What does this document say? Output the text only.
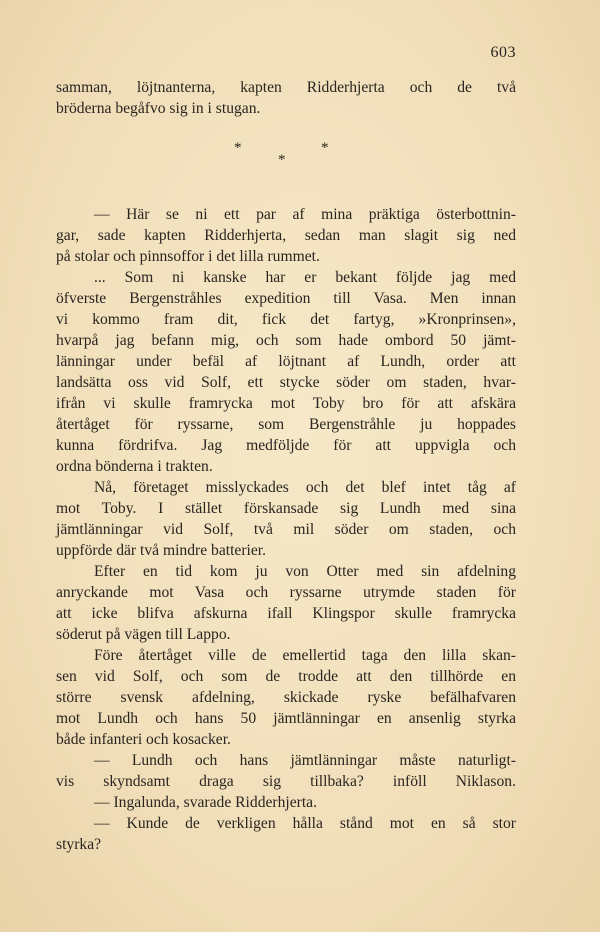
603
samman, löjtnanterna, kapten Ridderhjerta och de två
bröderna begåfvo sig in i stugan.
*	*
*
— Här se ni ett par af mina präktiga österbottnin-
gar, sade kapten Ridderhjerta, sedan man slagit sig ned
på stolar och pinnsoffor i det lilla rummet.
... Som ni kanske har er bekant följde jag med
öfverste Bergenstråhles expedition till Vasa. Men innan
vi kommo fram dit, fick det fartyg, »Kronprinsen»,
hvarpå jag befann mig, och som hade ombord 50 jämt-
länningar under befäl af löjtnant af Lundh, order att
landsätta oss vid Solf, ett stycke söder om staden, hvar-
ifrån vi skulle framrycka mot Toby bro för att afskära
återtåget för ryssarne, som Bergenstråhle ju hoppades
kunna fördrifva. Jag medföljde för att uppvigla och
ordna bönderna i trakten.
Nå, företaget misslyckades och det blef intet tåg af
mot Toby. I stället förskansade sig Lundh med sina
jämtlänningar vid Solf, två mil söder om staden, och
uppförde där två mindre batterier.
Efter en tid kom ju von Otter med sin afdelning
anryckande mot Vasa och ryssarne utrymde staden för
att icke blifva afskurna ifall Klingspor skulle framrycka
söderut på vägen till Lappo.
Före återtåget ville de emellertid taga den lilla skan-
sen vid Solf, och som de trodde att den tillhörde en
större svensk afdelning, skickade ryske befälhafvaren
mot Lundh och hans 50 jämtlänningar en ansenlig styrka
både infanteri och kosacker.
— Lundh och hans jämtlänningar måste naturligt-
vis skyndsamt draga sig tillbaka? inföll Niklason.
— Ingalunda, svarade Ridderhjerta.
— Kunde de verkligen hålla stånd mot en så stor
styrka?
